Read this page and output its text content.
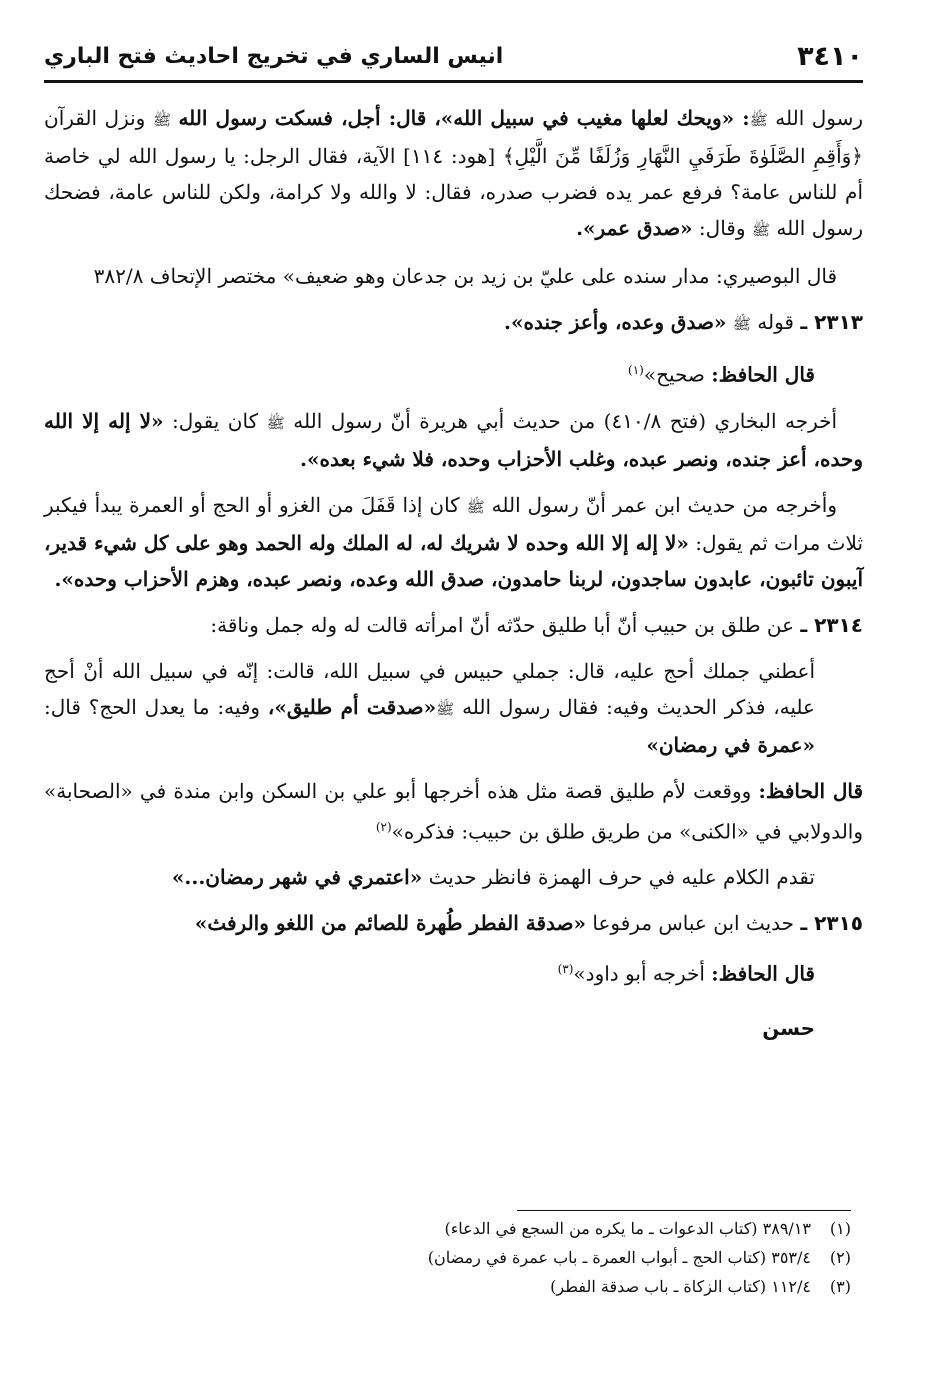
٣٤١٠
انيس الساري في تخريج احاديث فتح الباري

رسول الله ﷺ: «ويحك لعلها مغيب في سبيل الله»، قال: أجل، فسكت رسول الله ﷺ ونزل القرآن ﴿وَأَقِمِ الصَّلَوٰةَ طَرَفَيِ النَّهَارِ وَزُلَفًا مِّنَ الَّيْلِ﴾ [هود: ١١٤] الآية، فقال الرجل: يا رسول الله لي خاصة أم للناس عامة؟ فرفع عمر يده فضرب صدره، فقال: لا والله ولا كرامة، ولكن للناس عامة، فضحك رسول الله ﷺ وقال: «صدق عمر».

قال البوصيري: مدار سنده على عليّ بن زيد بن جدعان وهو ضعيف» مختصر الإتحاف ٣٨٢/٨

٢٣١٣ ـ قوله ﷺ «صدق وعده، وأعز جنده».

قال الحافظ: صحيح»$^{(١)}$

أخرجه البخاري (فتح ٤١٠/٨) من حديث أبي هريرة أنّ رسول الله ﷺ كان يقول: «لا إله إلا الله وحده، أعز جنده، ونصر عبده، وغلب الأحزاب وحده، فلا شيء بعده».

وأخرجه من حديث ابن عمر أنّ رسول الله ﷺ كان إذا قَفَلَ من الغزو أو الحج أو العمرة يبدأ فيكبر ثلاث مرات ثم يقول: «لا إله إلا الله وحده لا شريك له، له الملك وله الحمد وهو على كل شيء قدير، آيبون تائبون، عابدون ساجدون، لربنا حامدون، صدق الله وعده، ونصر عبده، وهزم الأحزاب وحده».

٢٣١٤ ـ عن طلق بن حبيب أنّ أبا طليق حدّثه أنّ امرأته قالت له وله جمل وناقة:

أعطني جملك أحج عليه، قال: جملي حبيس في سبيل الله، قالت: إنّه في سبيل الله أنْ أحج عليه، فذكر الحديث وفيه: فقال رسول الله ﷺ«صدقت أم طليق»، وفيه: ما يعدل الحج؟ قال: «عمرة في رمضان»

قال الحافظ: ووقعت لأم طليق قصة مثل هذه أخرجها أبو علي بن السكن وابن مندة في «الصحابة» والدولابي في «الكنى» من طريق طلق بن حبيب: فذكره»$^{(٢)}$

تقدم الكلام عليه في حرف الهمزة فانظر حديث «اعتمري في شهر رمضان...»

٢٣١٥ ـ حديث ابن عباس مرفوعا «صدقة الفطر طُهرة للصائم من اللغو والرفث»

قال الحافظ: أخرجه أبو داود»$^{(٣)}$

حسن
(١)٣٨٩/١٣ (كتاب الدعوات ـ ما يكره من السجع في الدعاء)
(٢)٣٥٣/٤ (كتاب الحج ـ أبواب العمرة ـ باب عمرة في رمضان)
(٣)١١٢/٤ (كتاب الزكاة ـ باب صدقة الفطر)
